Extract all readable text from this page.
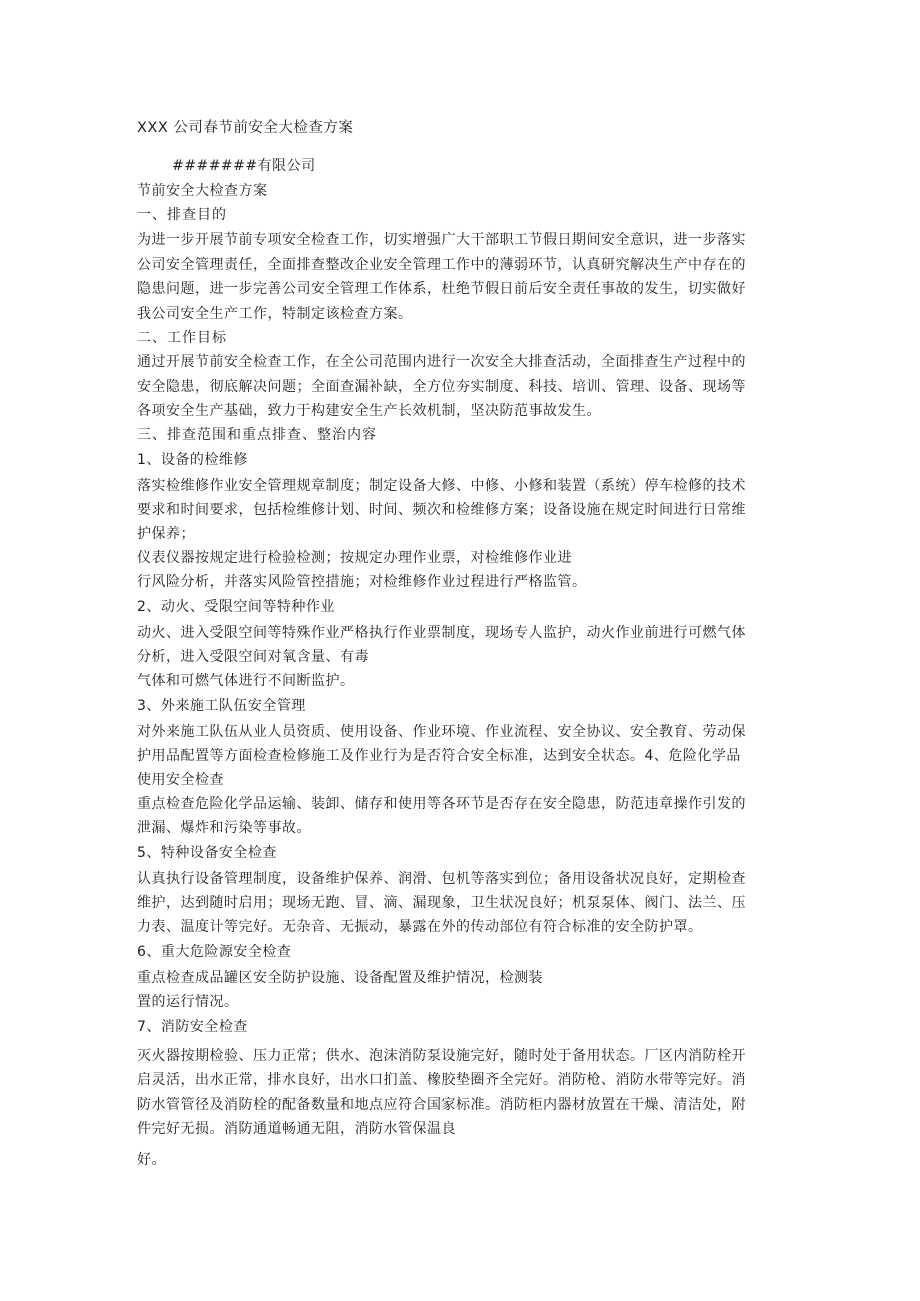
XXX 公司春节前安全大检查方案
#######有限公司
节前安全大检查方案
一、排查目的
为进一步开展节前专项安全检查工作，切实增强广大干部职工节假日期间安全意识，进一步落实
公司安全管理责任，全面排查整改企业安全管理工作中的薄弱环节，认真研究解决生产中存在的
隐患问题，进一步完善公司安全管理工作体系，杜绝节假日前后安全责任事故的发生，切实做好
我公司安全生产工作，特制定该检查方案。
二、工作目标
通过开展节前安全检查工作，在全公司范围内进行一次安全大排查活动，全面排查生产过程中的
安全隐患，彻底解决问题；全面查漏补缺，全方位夯实制度、科技、培训、管理、设备、现场等
各项安全生产基础，致力于构建安全生产长效机制，坚决防范事故发生。
三、排查范围和重点排查、整治内容
1、设备的检维修
落实检维修作业安全管理规章制度；制定设备大修、中修、小修和装置（系统）停车检修的技术
要求和时间要求，包括检维修计划、时间、频次和检维修方案；设备设施在规定时间进行日常维
护保养；
仪表仪器按规定进行检验检测；按规定办理作业票，对检维修作业进
行风险分析，并落实风险管控措施；对检维修作业过程进行严格监管。
2、动火、受限空间等特种作业
动火、进入受限空间等特殊作业严格执行作业票制度，现场专人监护，动火作业前进行可燃气体
分析，进入受限空间对氧含量、有毒
气体和可燃气体进行不间断监护。
3、外来施工队伍安全管理
对外来施工队伍从业人员资质、使用设备、作业环境、作业流程、安全协议、安全教育、劳动保
护用品配置等方面检查检修施工及作业行为是否符合安全标准，达到安全状态。4、危险化学品
使用安全检查
重点检查危险化学品运输、装卸、储存和使用等各环节是否存在安全隐患，防范违章操作引发的
泄漏、爆炸和污染等事故。
5、特种设备安全检查
认真执行设备管理制度，设备维护保养、润滑、包机等落实到位；备用设备状况良好，定期检查
维护，达到随时启用；现场无跑、冒、滴、漏现象，卫生状况良好；机泵泵体、阀门、法兰、压
力表、温度计等完好。无杂音、无振动，暴露在外的传动部位有符合标准的安全防护罩。
6、重大危险源安全检查
重点检查成品罐区安全防护设施、设备配置及维护情况，检测装
置的运行情况。
7、消防安全检查
灭火器按期检验、压力正常；供水、泡沫消防泵设施完好，随时处于备用状态。厂区内消防栓开
启灵活，出水正常，排水良好，出水口扪盖、橡胶垫圈齐全完好。消防枪、消防水带等完好。消
防水管管径及消防栓的配备数量和地点应符合国家标准。消防柜内器材放置在干燥、清洁处，附
件完好无损。消防通道畅通无阻，消防水管保温良
好。
